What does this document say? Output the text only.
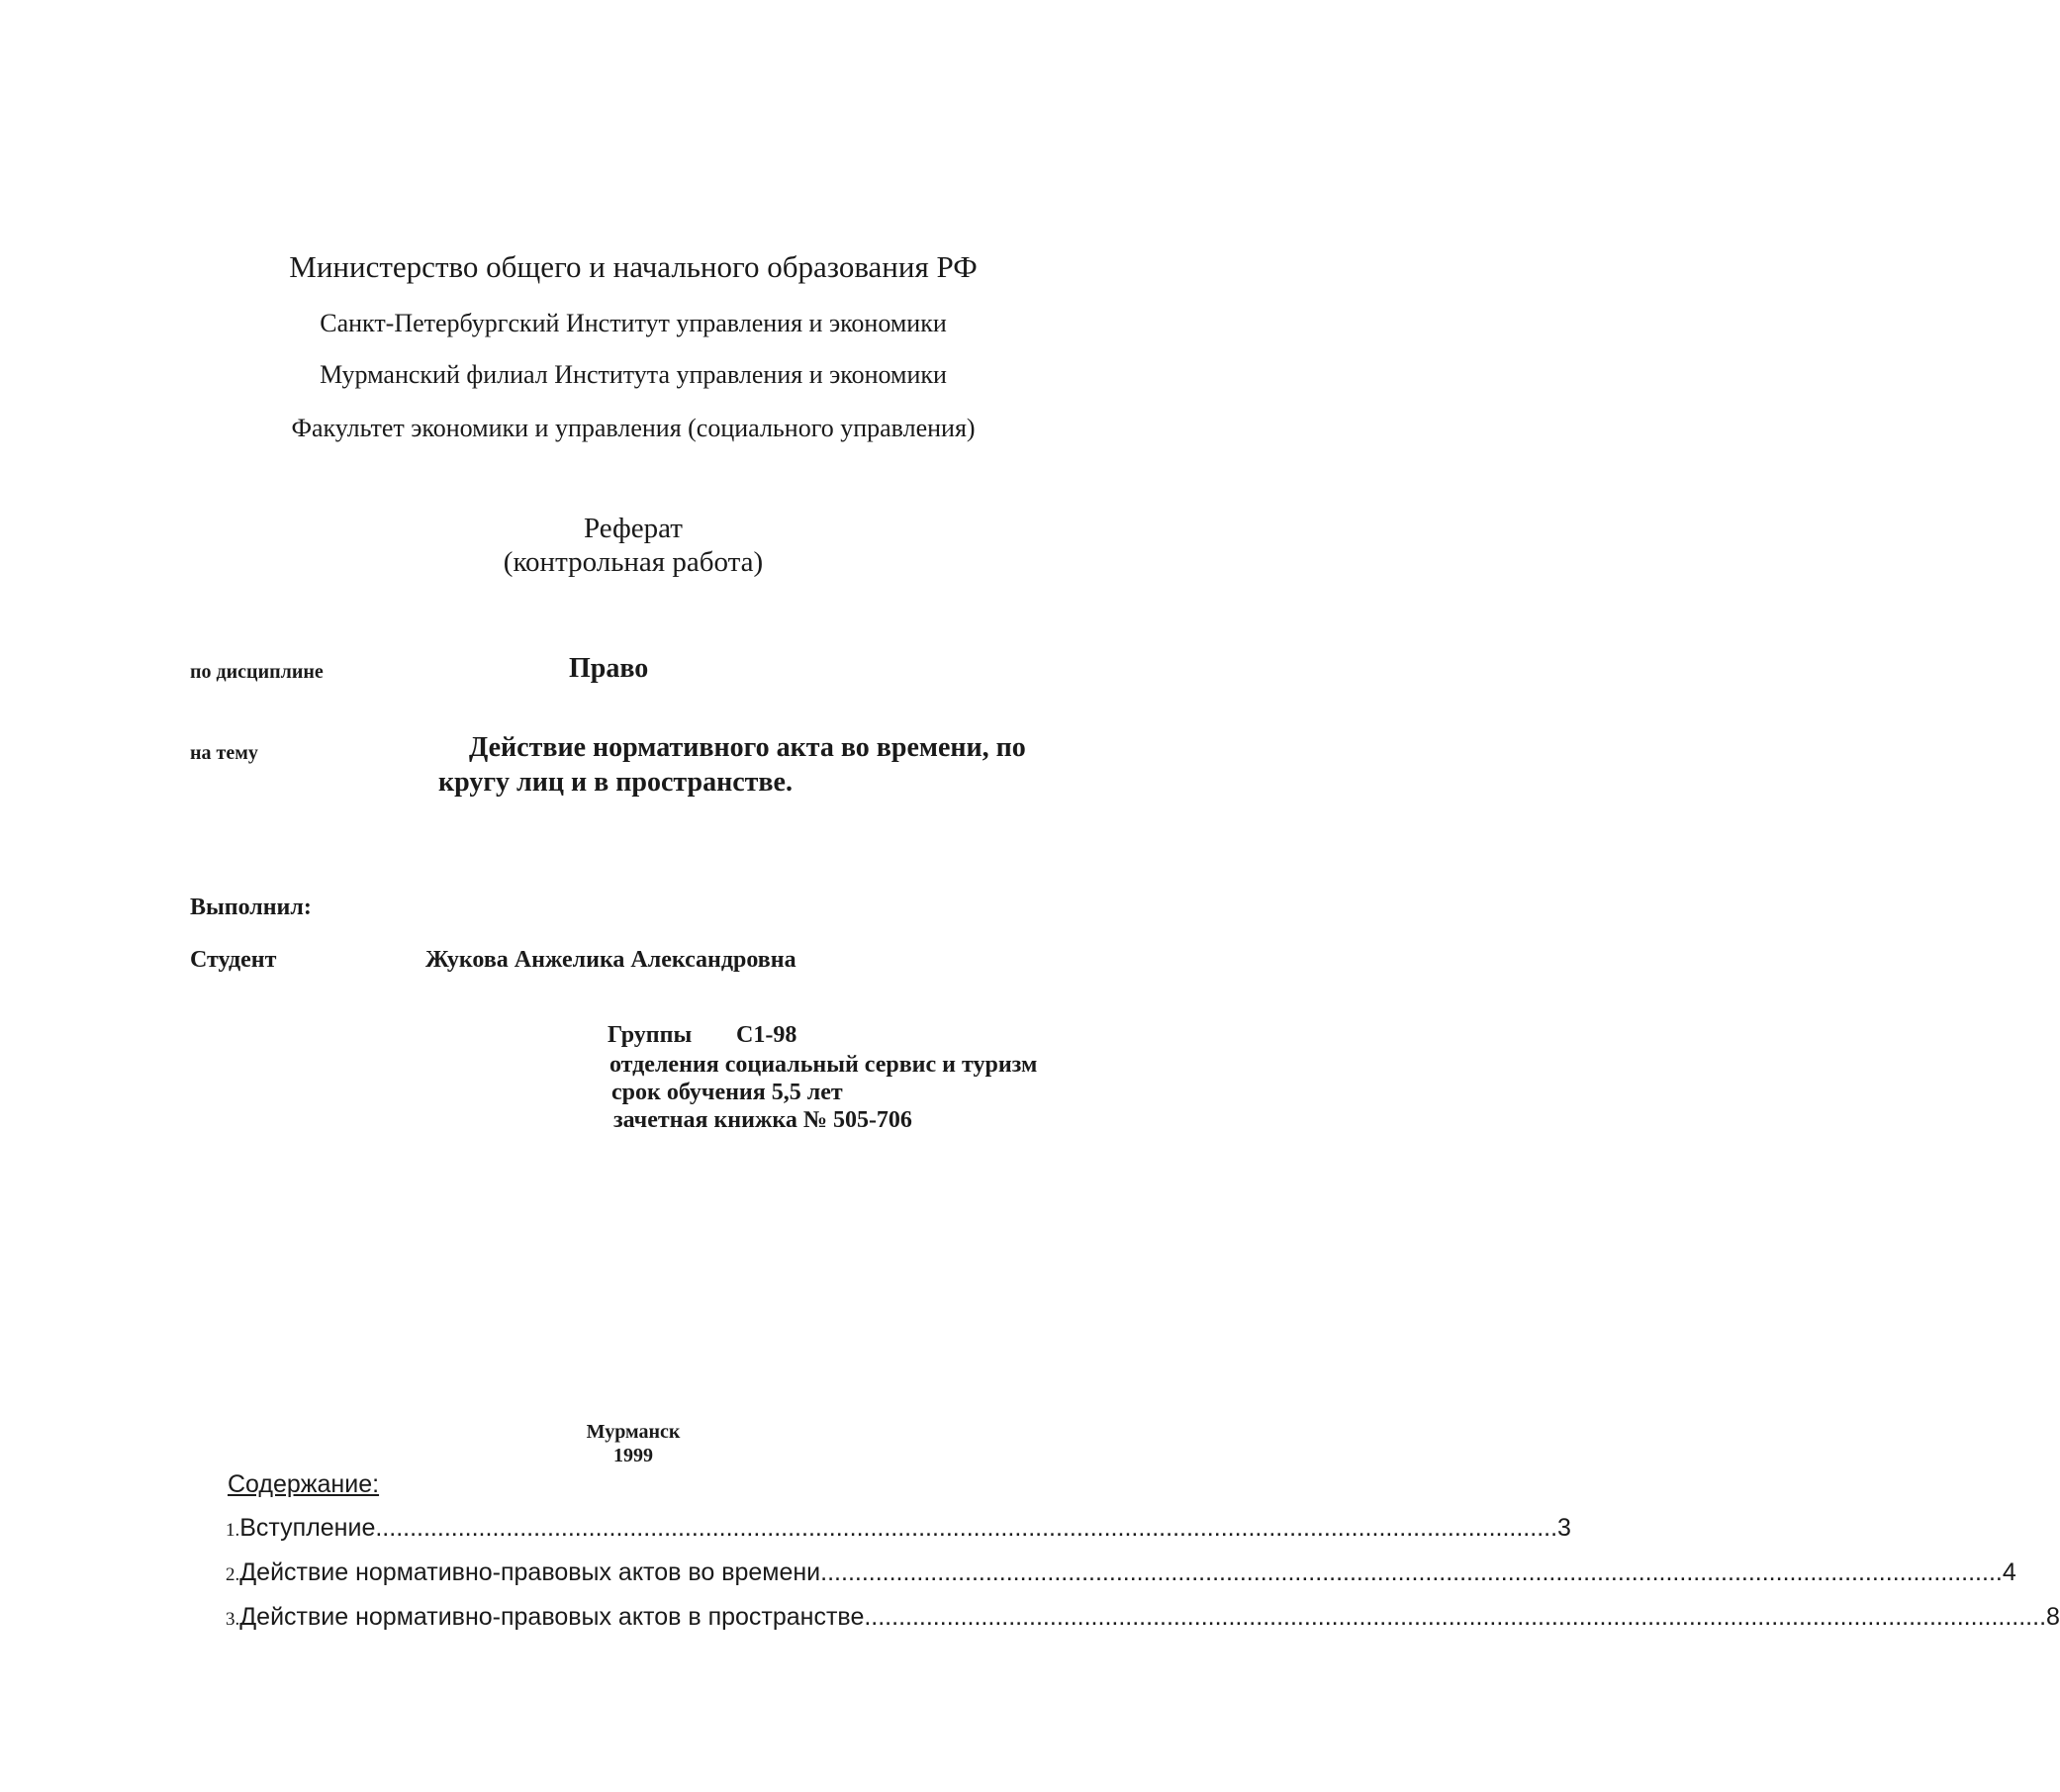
Министерство общего и начального образования РФ
Санкт-Петербургский Институт управления и экономики
Мурманский филиал Института управления и экономики
Факультет экономики и управления (социального управления)
Реферат
(контрольная работа)
по дисциплине	Право
на тему	Действие нормативного акта во времени, по
кругу лиц и в пространстве.
Выполнил:
Студент	Жукова Анжелика Александровна
Группы С1-98
отделения социальный сервис и туризм
срок обучения 5,5 лет
зачетная книжка № 505-706
Мурманск
1999
Содержание:
1. Вступление ............................................................................................................................................................................ 3
2. Действие нормативно-правовых актов во времени ............................................................................................................................................................................ 4
3. Действие нормативно-правовых актов в пространстве ............................................................................................................................................................................ 8
